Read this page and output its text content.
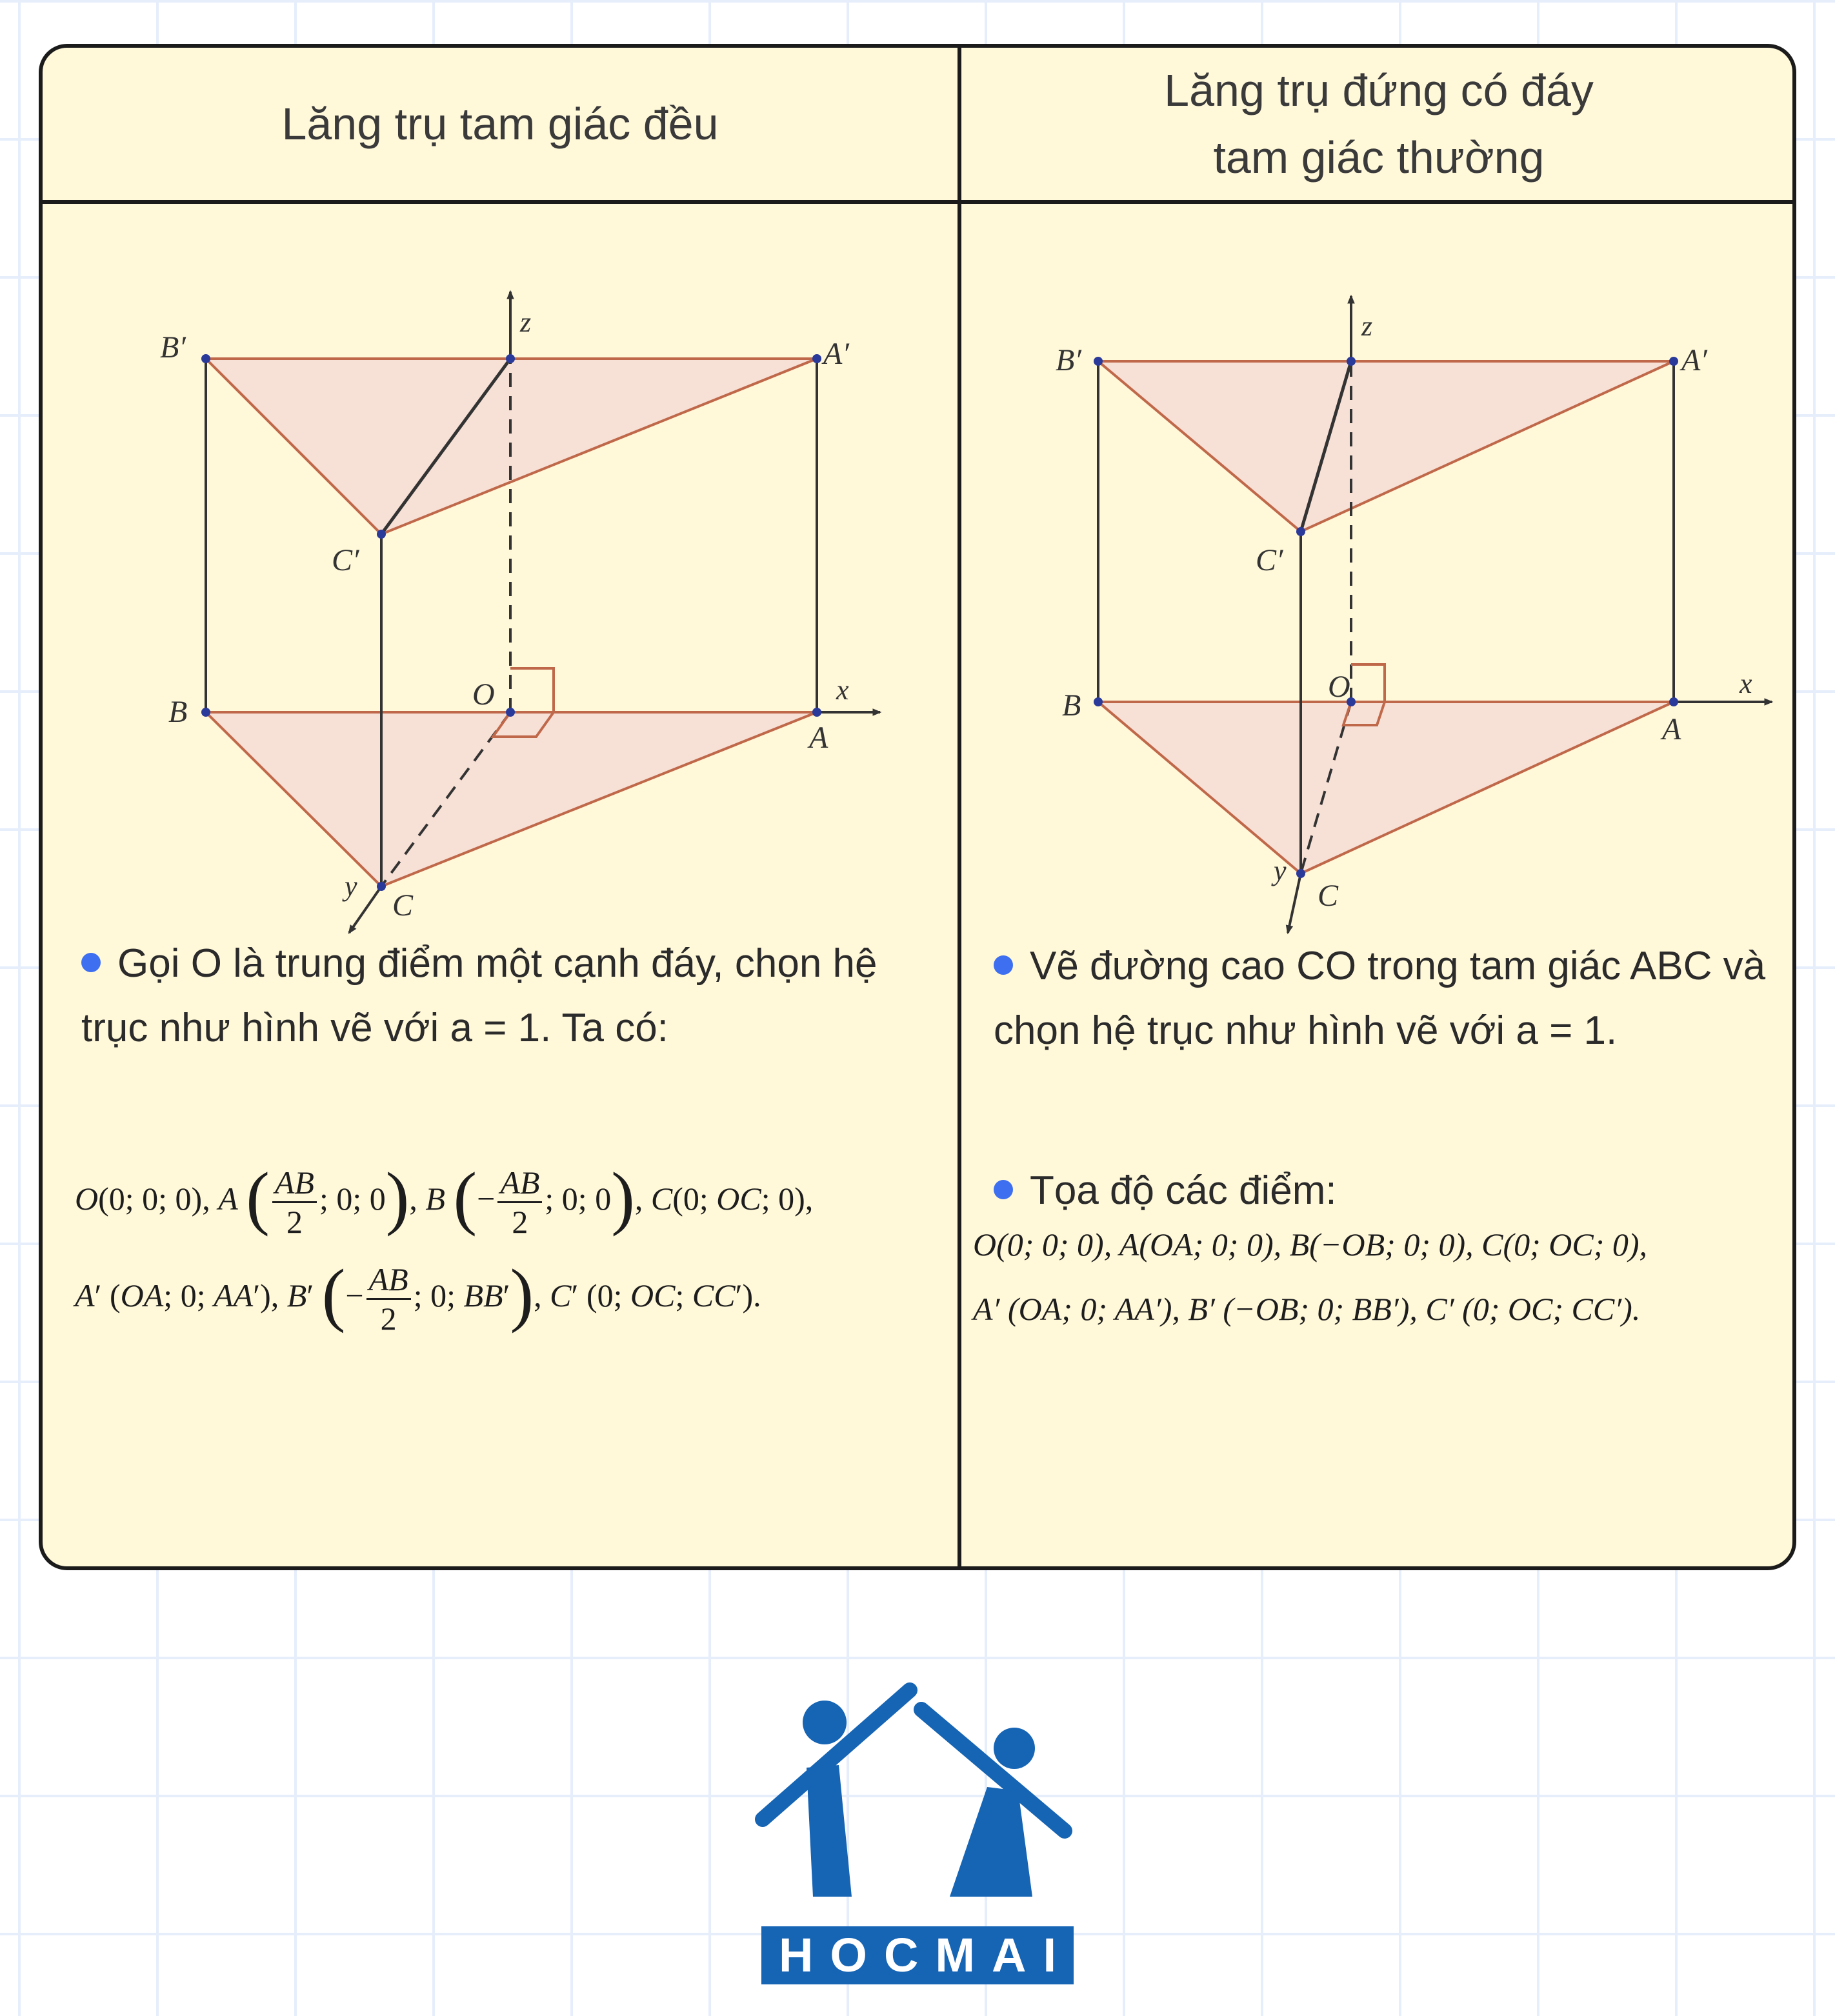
Lăng trụ tam giác đều
Lăng trụ đứng có đáy
tam giác thường
B′	A′
C′
B
A
C
O	x
y
z
B′	A′
C′
B
A
C
O	x
y
z
Gọi O là trung điểm một cạnh đáy, chọn hệ trục như hình vẽ với a = 1. Ta có:
O(0; 0; 0), A ( $\frac{AB}{2}$ ; 0; 0), B (− $\frac{AB}{2}$ ; 0; 0), C(0; OC; 0),
A′ (OA; 0; AA′), B′ (− $\frac{AB}{2}$ ; 0; BB′), C′ (0; OC; CC′).
Vẽ đường cao CO trong tam giác ABC và chọn hệ trục như hình vẽ với a = 1.
Tọa độ các điểm:
O(0; 0; 0), A(OA; 0; 0), B(−OB; 0; 0), C(0; OC; 0),
A′ (OA; 0; AA′), B′ (−OB; 0; BB′), C′ (0; OC; CC′).
HOCMAI
